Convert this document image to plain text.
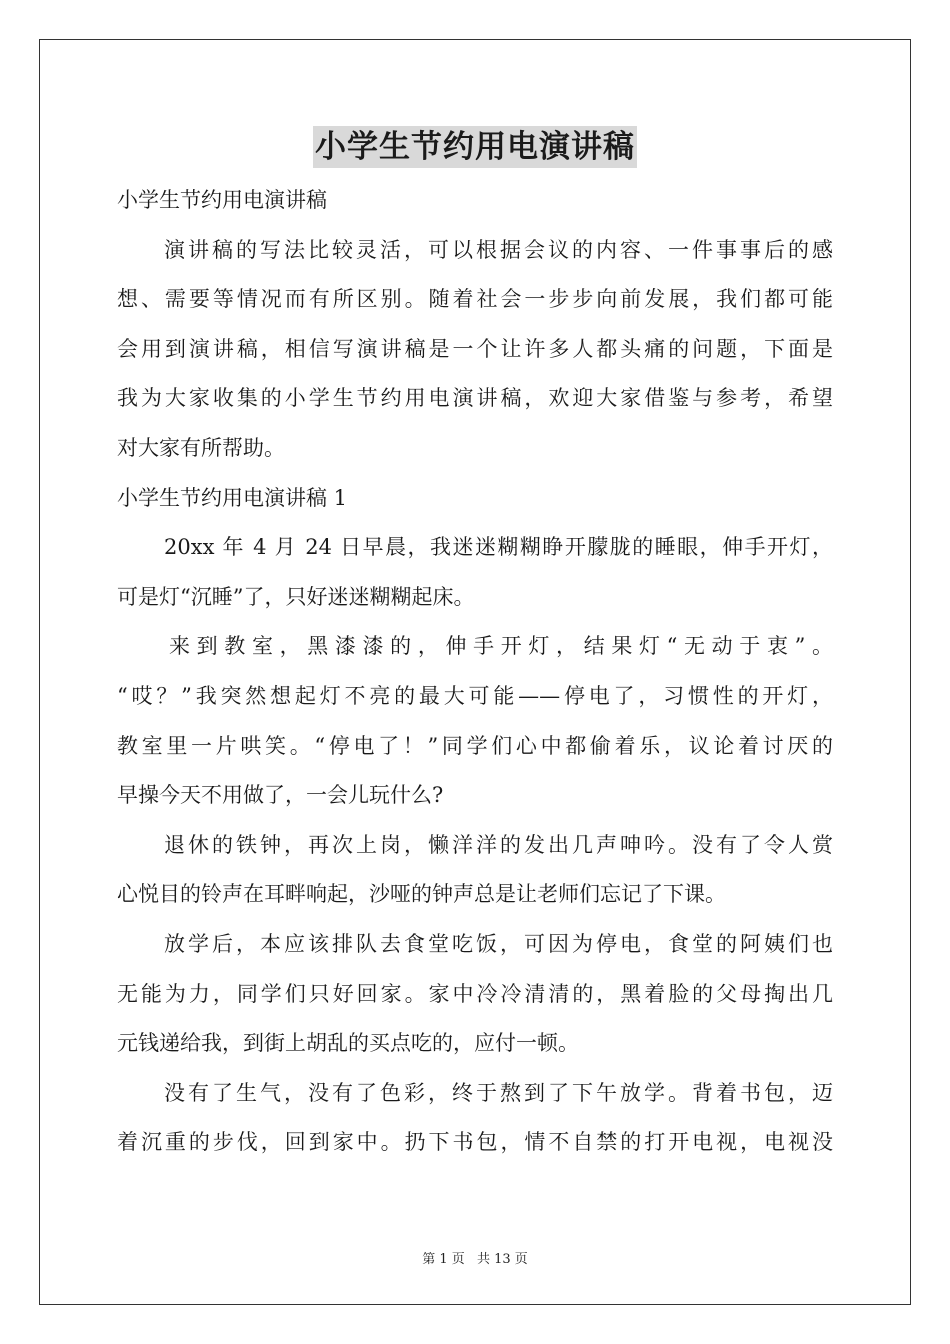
小学生节约用电演讲稿
小学生节约用电演讲稿
演讲稿的写法比较灵活，可以根据会议的内容、一件事事后的感
想、需要等情况而有所区别。随着社会一步步向前发展，我们都可能
会用到演讲稿，相信写演讲稿是一个让许多人都头痛的问题，下面是
我为大家收集的小学生节约用电演讲稿，欢迎大家借鉴与参考，希望
对大家有所帮助。
小学生节约用电演讲稿 1
20xx 年 4 月 24 日早晨，我迷迷糊糊睁开朦胧的睡眼，伸手开灯，
可是灯“沉睡”了，只好迷迷糊糊起床。
来到教室，黑漆漆的，伸手开灯，结果灯“无动于衷”。
“哎？”我突然想起灯不亮的最大可能——停电了，习惯性的开灯，
教室里一片哄笑。“停电了！”同学们心中都偷着乐，议论着讨厌的
早操今天不用做了，一会儿玩什么?
退休的铁钟，再次上岗，懒洋洋的发出几声呻吟。没有了令人赏
心悦目的铃声在耳畔响起，沙哑的钟声总是让老师们忘记了下课。
放学后，本应该排队去食堂吃饭，可因为停电，食堂的阿姨们也
无能为力，同学们只好回家。家中冷冷清清的，黑着脸的父母掏出几
元钱递给我，到街上胡乱的买点吃的，应付一顿。
没有了生气，没有了色彩，终于熬到了下午放学。背着书包，迈
着沉重的步伐，回到家中。扔下书包，情不自禁的打开电视，电视没
第 1 页 共 13 页
